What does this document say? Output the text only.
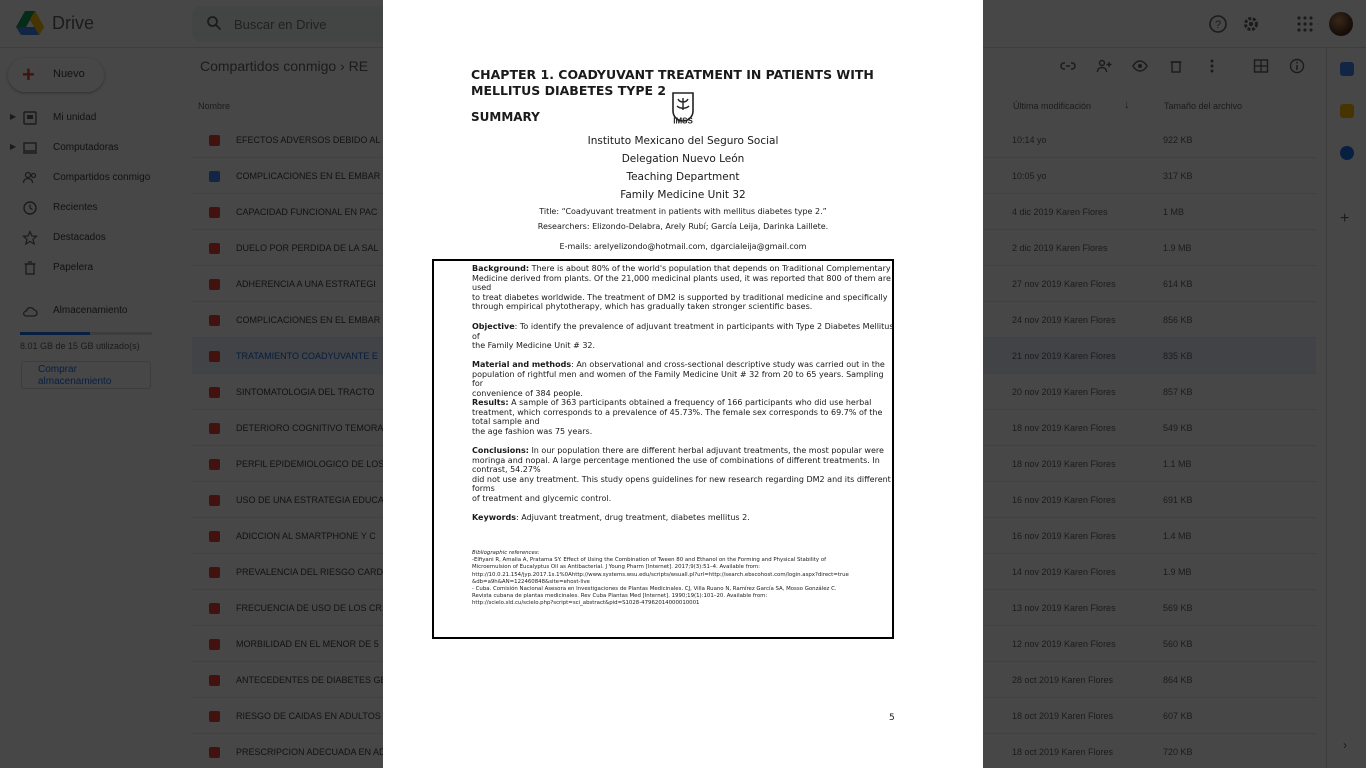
Buscar en Drive
CHAPTER 1. COADYUVANT TREATMENT IN PATIENTS WITH MELLITUS DIABETES TYPE 2
SUMMARY	IMSS
Instituto Mexicano del Seguro Social
Delegation Nuevo León
Teaching Department
Family Medicine Unit 32
Title: “Coadyuvant treatment in patients with mellitus diabetes type 2.”
Researchers: Elizondo-Delabra, Arely Rubí; García Leija, Darinka Laillete.
E-mails: arelyelizondo@hotmail.com, dgarcialeija@gmail.com
Background: There is about 80% of the world's population that depends on Traditional Complementary
Medicine derived from plants. Of the 21,000 medicinal plants used, it was reported that 800 of them are
used
to treat diabetes worldwide. The treatment of DM2 is supported by traditional medicine and specifically
through empirical phytotherapy, which has gradually taken stronger scientific bases.
Objective: To identify the prevalence of adjuvant treatment in participants with Type 2 Diabetes Mellitus
of
the Family Medicine Unit # 32.
Material and methods: An observational and cross-sectional descriptive study was carried out in the
population of rightful men and women of the Family Medicine Unit # 32 from 20 to 65 years. Sampling for
convenience of 384 people.
Results: A sample of 363 participants obtained a frequency of 166 participants who did use herbal
treatment, which corresponds to a prevalence of 45.73%. The female sex corresponds to 69.7% of the
total sample and
the age fashion was 75 years.
Conclusions: In our population there are different herbal adjuvant treatments, the most popular were
moringa and nopal. A large percentage mentioned the use of combinations of different treatments. In
contrast, 54.27%
did not use any treatment. This study opens guidelines for new research regarding DM2 and its different
forms
of treatment and glycemic control.
Keywords: Adjuvant treatment, drug treatment, diabetes mellitus 2.
Bibliographic references:
-Elfiyani R, Amalia A, Pratama SY. Effect of Using the Combination of Tween 80 and Ethanol on the Forming and Physical Stability of
Microemulsion of Eucalyptus Oil as Antibacterial. J Young Pharm [Internet]. 2017;9(3):51–4. Available from:
http://10.0.21.154/jyp.2017.1s.1%0Ahttp://www.systems.wsu.edu/scripts/wsuall.pl?url=http://search.ebscohost.com/login.aspx?direct=true
&db=a9h&AN=122460848&site=ehost-live
- Cuba. Comisión Nacional Asesora en Investigaciones de Plantas Medicinales. CJ, Villa Ruano N, Ramírez García SA, Mosso González C.
Revista cubana de plantas medicinales. Rev Cuba Plantas Med [Internet]. 1990;19(1):101–20. Available from:
http://scielo.sld.cu/scielo.php?script=sci_abstract&pid=S1028-47962014000010001
5
